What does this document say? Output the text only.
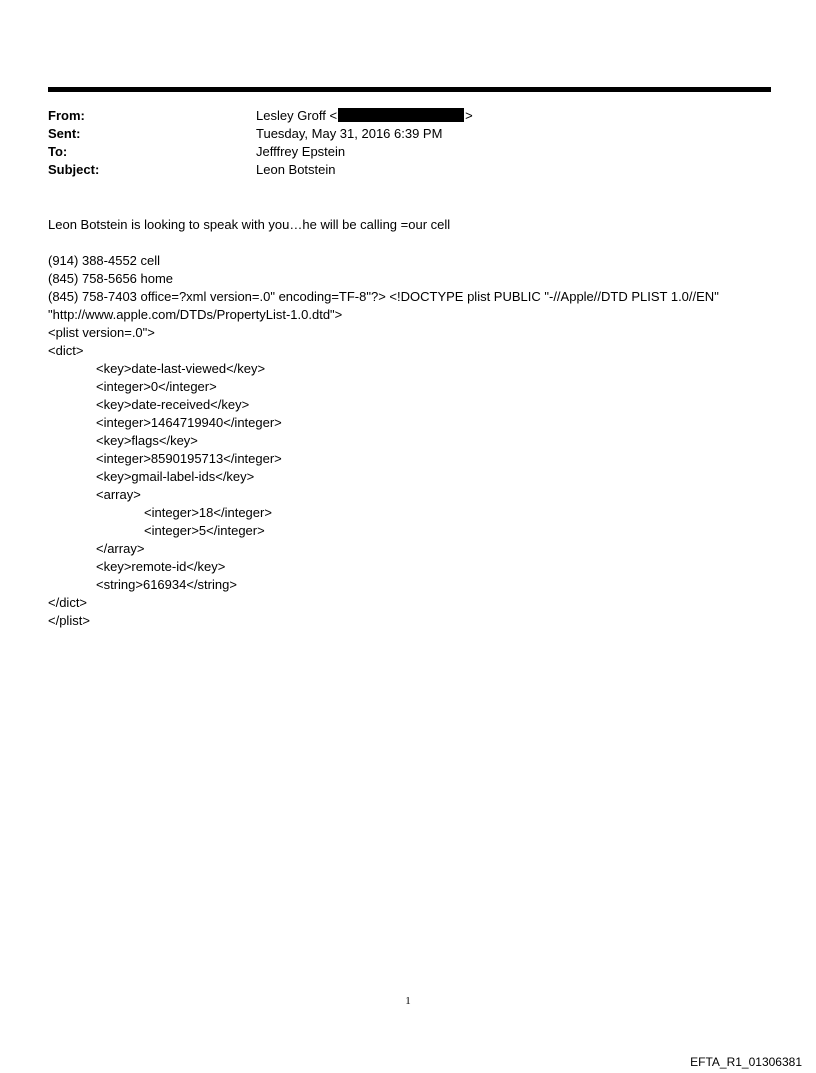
From:	Lesley Groff <	>
Sent:	Tuesday, May 31, 2016 6:39 PM
To:	Jefffrey Epstein
Subject:	Leon Botstein
Leon Botstein is looking to speak with you…he will be calling =our cell
(914) 388-4552 cell
(845) 758-5656 home
(845) 758-7403 office=?xml version=.0" encoding=TF-8"?> <!DOCTYPE plist PUBLIC "-//Apple//DTD PLIST 1.0//EN"
"http://www.apple.com/DTDs/PropertyList-1.0.dtd">
<plist version=.0">
<dict>
<key>date-last-viewed</key>
<integer>0</integer>
<key>date-received</key>
<integer>1464719940</integer>
<key>flags</key>
<integer>8590195713</integer>
<key>gmail-label-ids</key>
<array>
<integer>18</integer>
<integer>5</integer>
</array>
<key>remote-id</key>
<string>616934</string>
</dict>
</plist>
1
EFTA_R1_01306381
